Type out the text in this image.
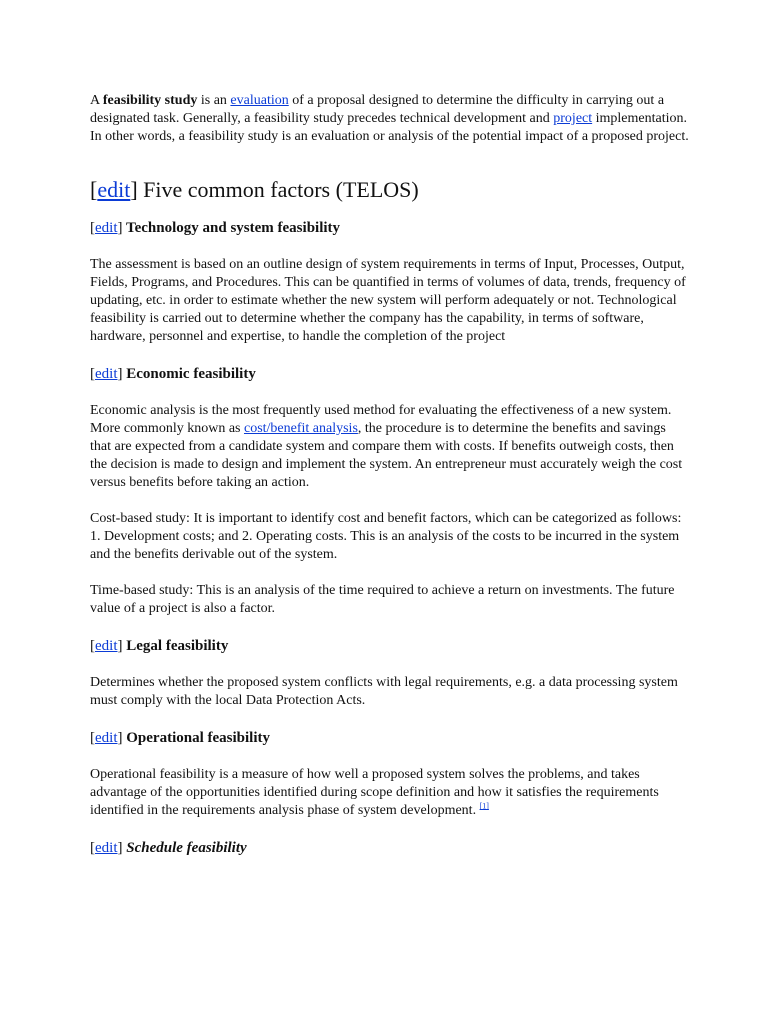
A feasibility study is an evaluation of a proposal designed to determine the difficulty in carrying out a designated task. Generally, a feasibility study precedes technical development and project implementation. In other words, a feasibility study is an evaluation or analysis of the potential impact of a proposed project.

[edit] Five common factors (TELOS)
[edit] Technology and system feasibility

The assessment is based on an outline design of system requirements in terms of Input, Processes, Output, Fields, Programs, and Procedures. This can be quantified in terms of volumes of data, trends, frequency of updating, etc. in order to estimate whether the new system will perform adequately or not. Technological feasibility is carried out to determine whether the company has the capability, in terms of software, hardware, personnel and expertise, to handle the completion of the project

[edit] Economic feasibility

Economic analysis is the most frequently used method for evaluating the effectiveness of a new system. More commonly known as cost/benefit analysis, the procedure is to determine the benefits and savings that are expected from a candidate system and compare them with costs. If benefits outweigh costs, then the decision is made to design and implement the system. An entrepreneur must accurately weigh the cost versus benefits before taking an action.

Cost-based study: It is important to identify cost and benefit factors, which can be categorized as follows: 1. Development costs; and 2. Operating costs. This is an analysis of the costs to be incurred in the system and the benefits derivable out of the system.

Time-based study: This is an analysis of the time required to achieve a return on investments. The future value of a project is also a factor.

[edit] Legal feasibility

Determines whether the proposed system conflicts with legal requirements, e.g. a data processing system must comply with the local Data Protection Acts.

[edit] Operational feasibility

Operational feasibility is a measure of how well a proposed system solves the problems, and takes advantage of the opportunities identified during scope definition and how it satisfies the requirements identified in the requirements analysis phase of system development. [1]

[edit] Schedule feasibility
